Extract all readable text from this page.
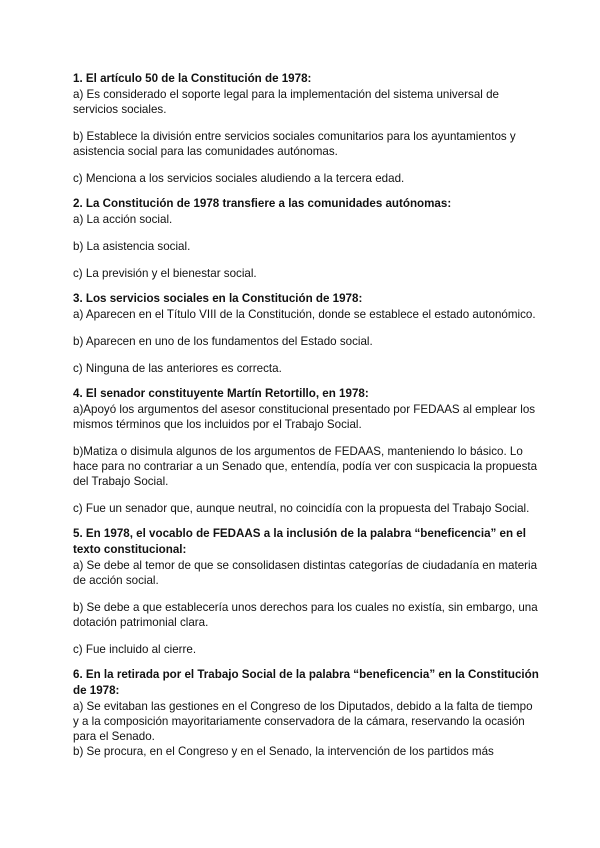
1. El artículo 50 de la Constitución de 1978:
a) Es considerado el soporte legal para la implementación del sistema universal de servicios sociales.
b) Establece la división entre servicios sociales comunitarios para los ayuntamientos y asistencia social para las comunidades autónomas.
c) Menciona a los servicios sociales aludiendo a la tercera edad.
2. La Constitución de 1978 transfiere a las comunidades autónomas:
a) La acción social.
b) La asistencia social.
c) La previsión y el bienestar social.
3. Los servicios sociales en la Constitución de 1978:
a) Aparecen en el Título VIII de la Constitución, donde se establece el estado autonómico.
b) Aparecen en uno de los fundamentos del Estado social.
c) Ninguna de las anteriores es correcta.
4. El senador constituyente Martín Retortillo, en 1978:
a)Apoyó los argumentos del asesor constitucional presentado por FEDAAS al emplear los mismos términos que los incluidos por el Trabajo Social.
b)Matiza o disimula algunos de los argumentos de FEDAAS, manteniendo lo básico. Lo hace para no contrariar a un Senado que, entendía, podía ver con suspicacia la propuesta del Trabajo Social.
c) Fue un senador que, aunque neutral, no coincidía con la propuesta del Trabajo Social.
5. En 1978, el vocablo de FEDAAS a la inclusión de la palabra “beneficencia” en el texto constitucional:
a) Se debe al temor de que se consolidasen distintas categorías de ciudadanía en materia de acción social.
b) Se debe a que establecería unos derechos para los cuales no existía, sin embargo, una dotación patrimonial clara.
c) Fue incluido al cierre.
6. En la retirada por el Trabajo Social de la palabra “beneficencia” en la Constitución de 1978:
a) Se evitaban las gestiones en el Congreso de los Diputados, debido a la falta de tiempo y a la composición mayoritariamente conservadora de la cámara, reservando la ocasión para el Senado.
b) Se procura, en el Congreso y en el Senado, la intervención de los partidos más
